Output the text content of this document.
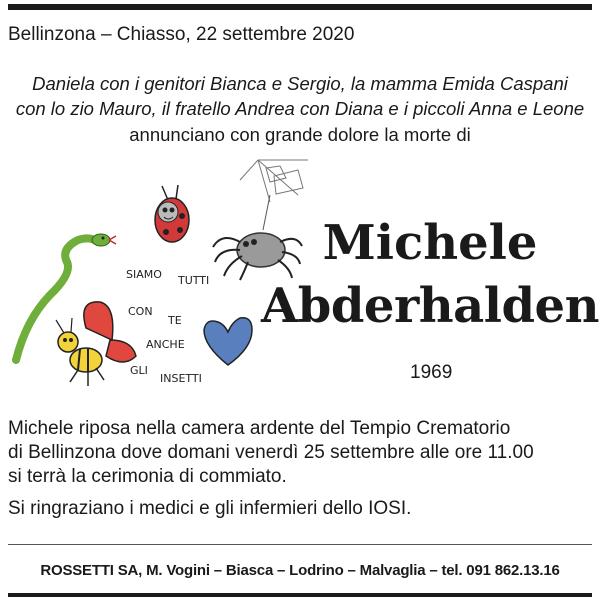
Bellinzona – Chiasso, 22 settembre 2020
Daniela con i genitori Bianca e Sergio, la mamma Emida Caspani
con lo zio Mauro, il fratello Andrea con Diana e i piccoli Anna e Leone
annunciano con grande dolore la morte di
SIAMO TUTTI
CON
TE
ANCHE
GLI
INSETTI
Michele
Abderhalden
1969
Michele riposa nella camera ardente del Tempio Crematorio
di Bellinzona dove domani venerdì 25 settembre alle ore 11.00
si terrà la cerimonia di commiato.
Si ringraziano i medici e gli infermieri dello IOSI.
ROSSETTI SA, M. Vogini – Biasca – Lodrino – Malvaglia – tel. 091 862.13.16
